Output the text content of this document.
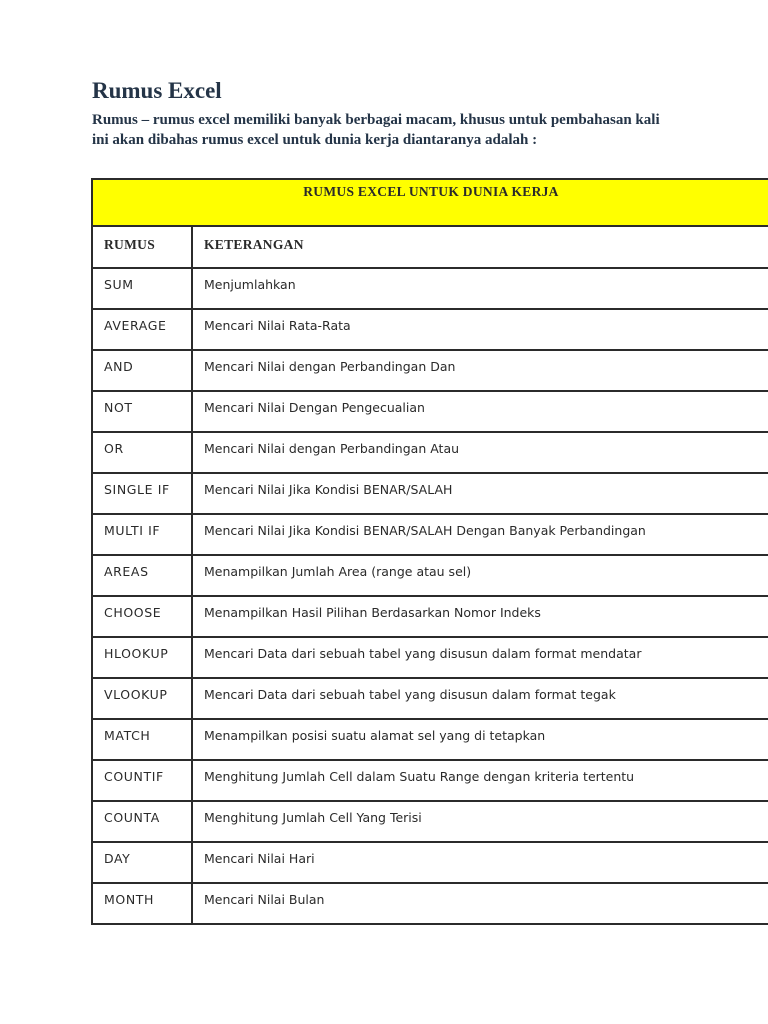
Rumus Excel

Rumus – rumus excel memiliki banyak berbagai macam, khusus untuk pembahasan kali ini akan dibahas rumus excel untuk dunia kerja diantaranya adalah :

RUMUS EXCEL UNTUK DUNIA KERJA	

RUMUS	KETERANGAN
SUM	Menjumlahkan
AVERAGE	Mencari Nilai Rata-Rata
AND	Mencari Nilai dengan Perbandingan Dan
NOT	Mencari Nilai Dengan Pengecualian
OR	Mencari Nilai dengan Perbandingan Atau
SINGLE IF	Mencari Nilai Jika Kondisi BENAR/SALAH
MULTI IF	Mencari Nilai Jika Kondisi BENAR/SALAH Dengan Banyak Perbandingan
AREAS	Menampilkan Jumlah Area (range atau sel)
CHOOSE	Menampilkan Hasil Pilihan Berdasarkan Nomor Indeks
HLOOKUP	Mencari Data dari sebuah tabel yang disusun dalam format mendatar
VLOOKUP	Mencari Data dari sebuah tabel yang disusun dalam format tegak
MATCH	Menampilkan posisi suatu alamat sel yang di tetapkan
COUNTIF	Menghitung Jumlah Cell dalam Suatu Range dengan kriteria tertentu
COUNTA	Menghitung Jumlah Cell Yang Terisi
DAY	Mencari Nilai Hari
MONTH	Mencari Nilai Bulan
